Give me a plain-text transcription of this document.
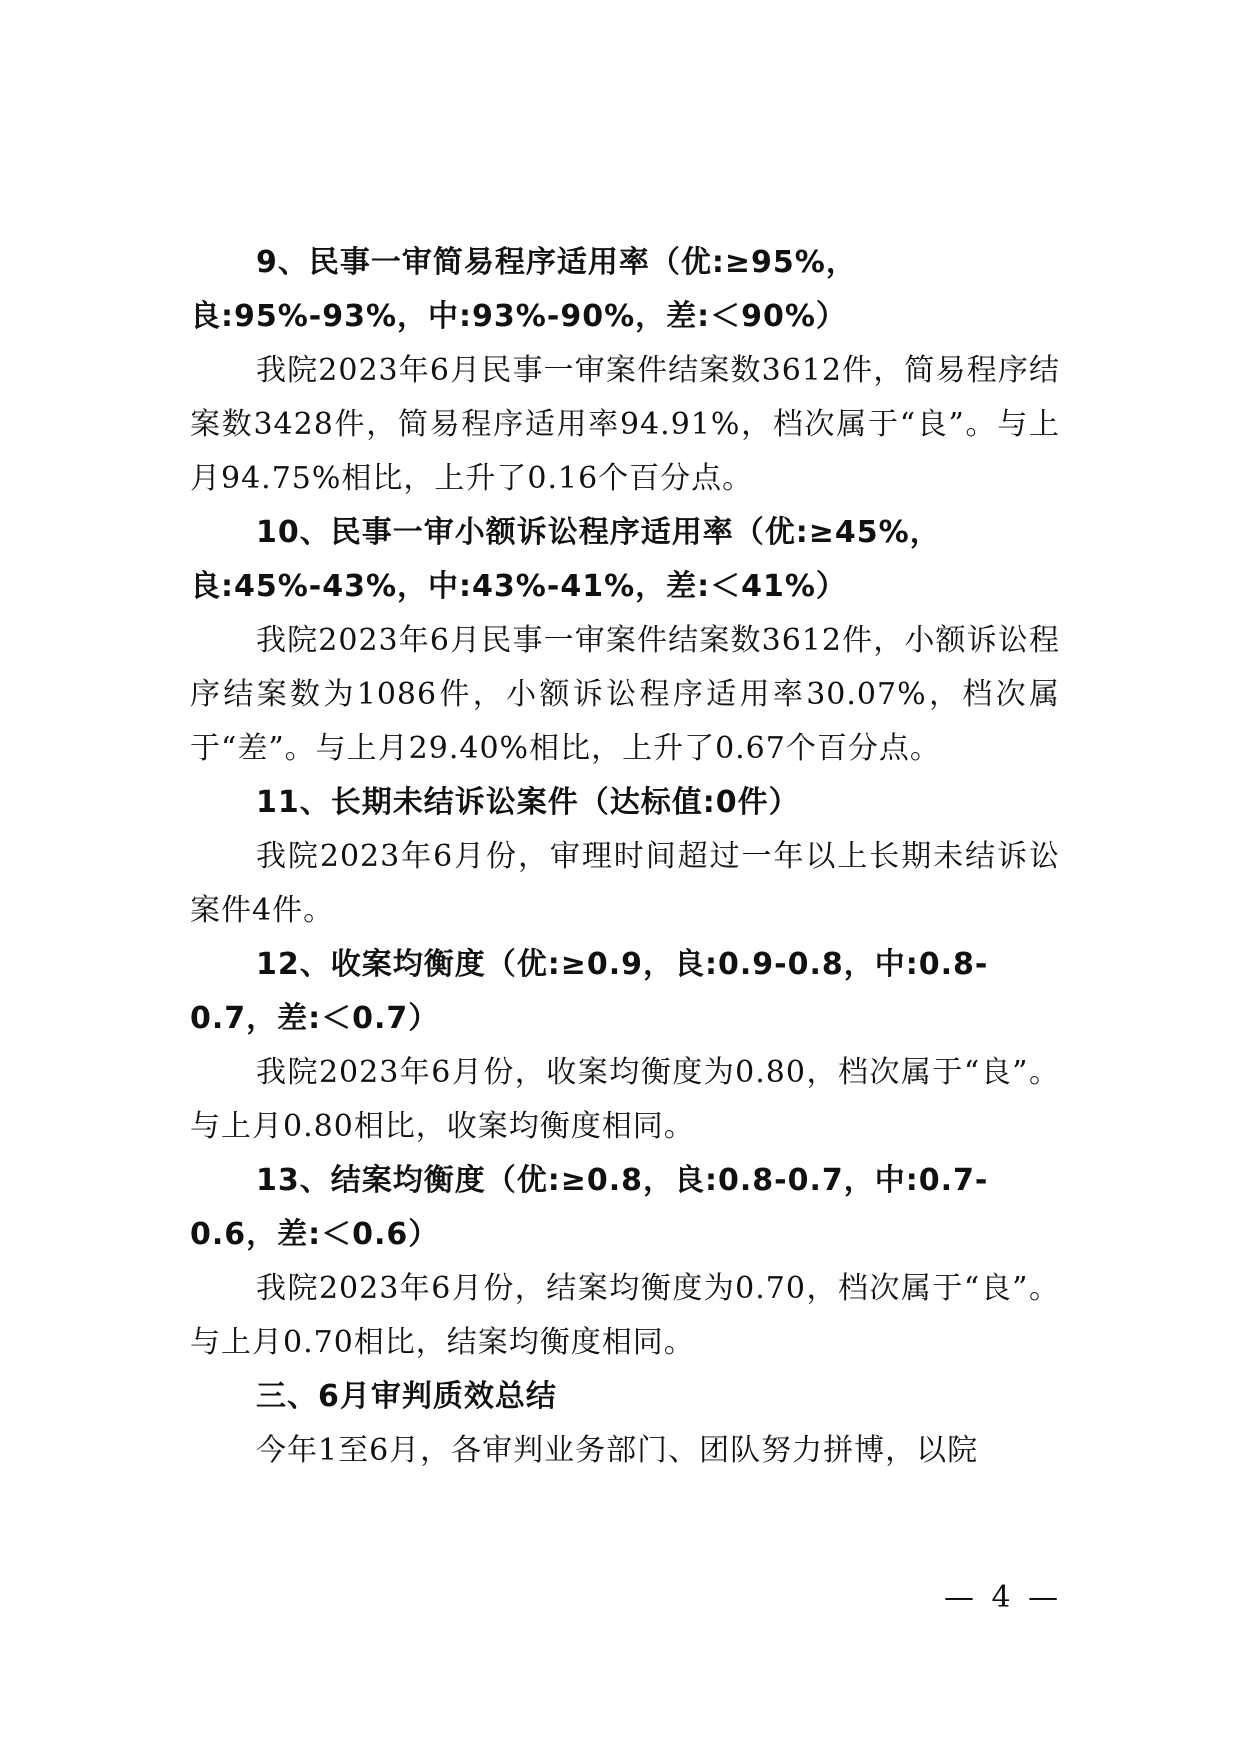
9、民事一审简易程序适用率（优:≥95%，良:95%-93%，中:93%-90%，差:＜90%）

我院2023年6月民事一审案件结案数3612件，简易程序结案数3428件，简易程序适用率94.91%，档次属于“良”。与上月94.75%相比，上升了0.16个百分点。

10、民事一审小额诉讼程序适用率（优:≥45%，良:45%-43%，中:43%-41%，差:＜41%）

我院2023年6月民事一审案件结案数3612件，小额诉讼程序结案数为1086件，小额诉讼程序适用率30.07%，档次属于“差”。与上月29.40%相比，上升了0.67个百分点。

11、长期未结诉讼案件（达标值:0件）

我院2023年6月份，审理时间超过一年以上长期未结诉讼案件4件。

12、收案均衡度（优:≥0.9，良:0.9-0.8，中:0.8-0.7，差:＜0.7）

我院2023年6月份，收案均衡度为0.80，档次属于“良”。与上月0.80相比，收案均衡度相同。

13、结案均衡度（优:≥0.8，良:0.8-0.7，中:0.7-0.6，差:＜0.6）

我院2023年6月份，结案均衡度为0.70，档次属于“良”。与上月0.70相比，结案均衡度相同。

三、6月审判质效总结

今年1至6月，各审判业务部门、团队努力拼博，以院

— 4 —
